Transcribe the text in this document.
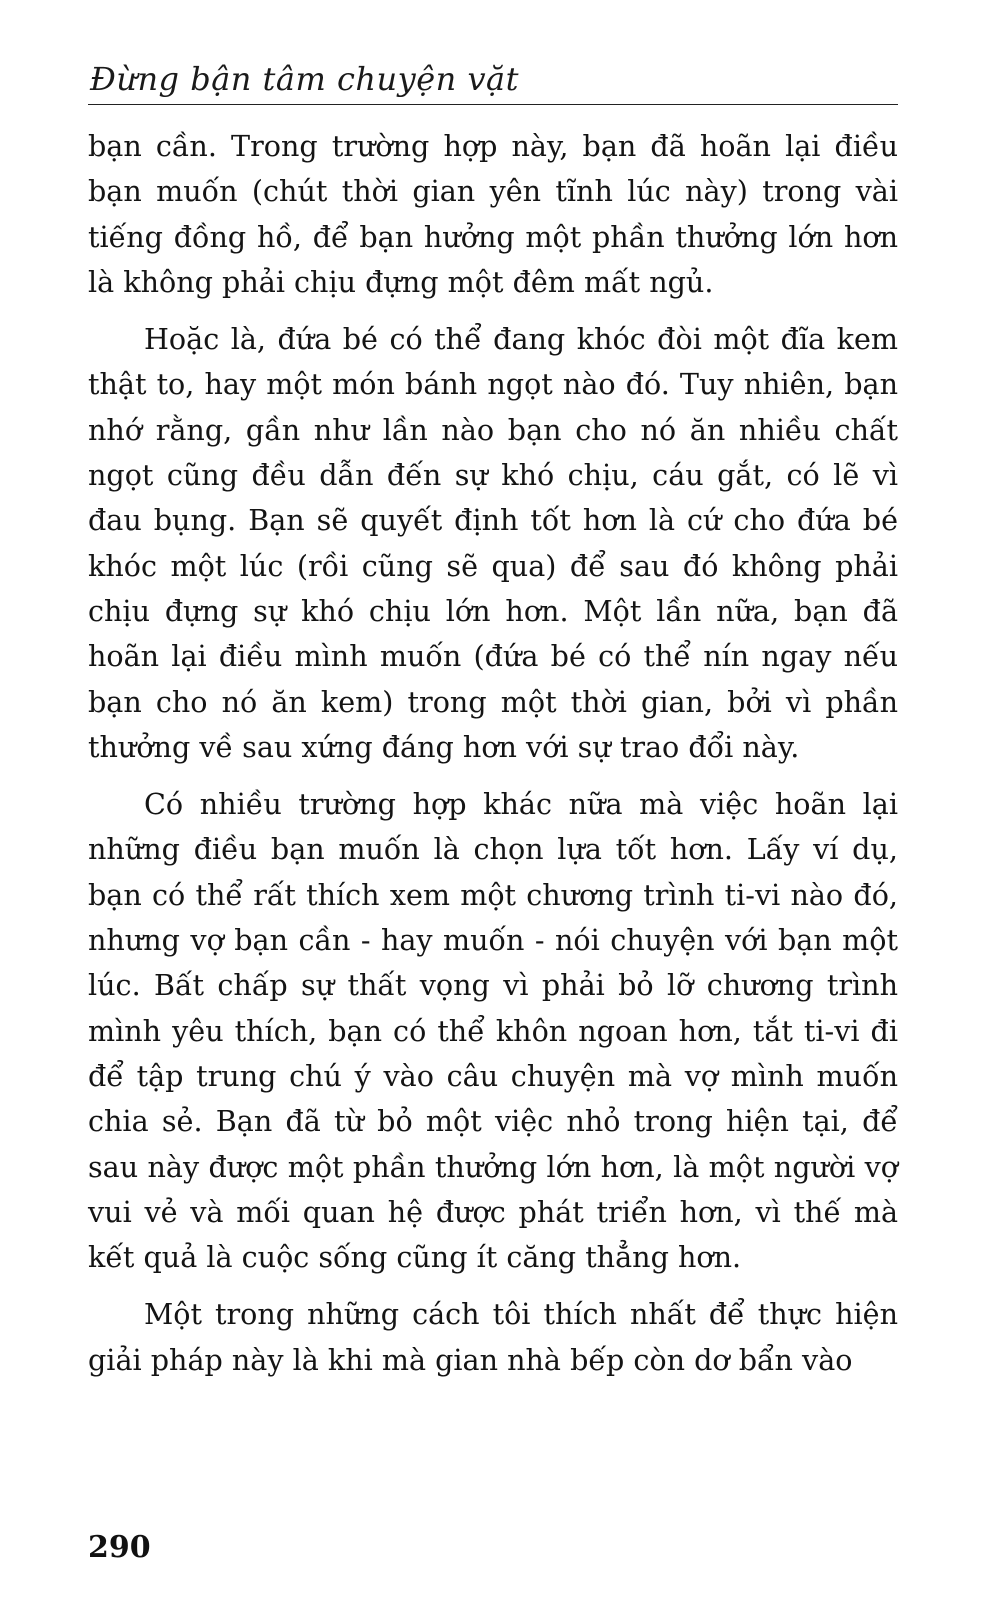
Đừng bận tâm chuyện vặt

bạn cần. Trong trường hợp này, bạn đã hoãn lại điều bạn muốn (chút thời gian yên tĩnh lúc này) trong vài tiếng đồng hồ, để bạn hưởng một phần thưởng lớn hơn là không phải chịu đựng một đêm mất ngủ.

Hoặc là, đứa bé có thể đang khóc đòi một đĩa kem thật to, hay một món bánh ngọt nào đó. Tuy nhiên, bạn nhớ rằng, gần như lần nào bạn cho nó ăn nhiều chất ngọt cũng đều dẫn đến sự khó chịu, cáu gắt, có lẽ vì đau bụng. Bạn sẽ quyết định tốt hơn là cứ cho đứa bé khóc một lúc (rồi cũng sẽ qua) để sau đó không phải chịu đựng sự khó chịu lớn hơn. Một lần nữa, bạn đã hoãn lại điều mình muốn (đứa bé có thể nín ngay nếu bạn cho nó ăn kem) trong một thời gian, bởi vì phần thưởng về sau xứng đáng hơn với sự trao đổi này.

Có nhiều trường hợp khác nữa mà việc hoãn lại những điều bạn muốn là chọn lựa tốt hơn. Lấy ví dụ, bạn có thể rất thích xem một chương trình ti-vi nào đó, nhưng vợ bạn cần - hay muốn - nói chuyện với bạn một lúc. Bất chấp sự thất vọng vì phải bỏ lỡ chương trình mình yêu thích, bạn có thể khôn ngoan hơn, tắt ti-vi đi để tập trung chú ý vào câu chuyện mà vợ mình muốn chia sẻ. Bạn đã từ bỏ một việc nhỏ trong hiện tại, để sau này được một phần thưởng lớn hơn, là một người vợ vui vẻ và mối quan hệ được phát triển hơn, vì thế mà kết quả là cuộc sống cũng ít căng thẳng hơn.

Một trong những cách tôi thích nhất để thực hiện giải pháp này là khi mà gian nhà bếp còn dơ bẩn vào

290
